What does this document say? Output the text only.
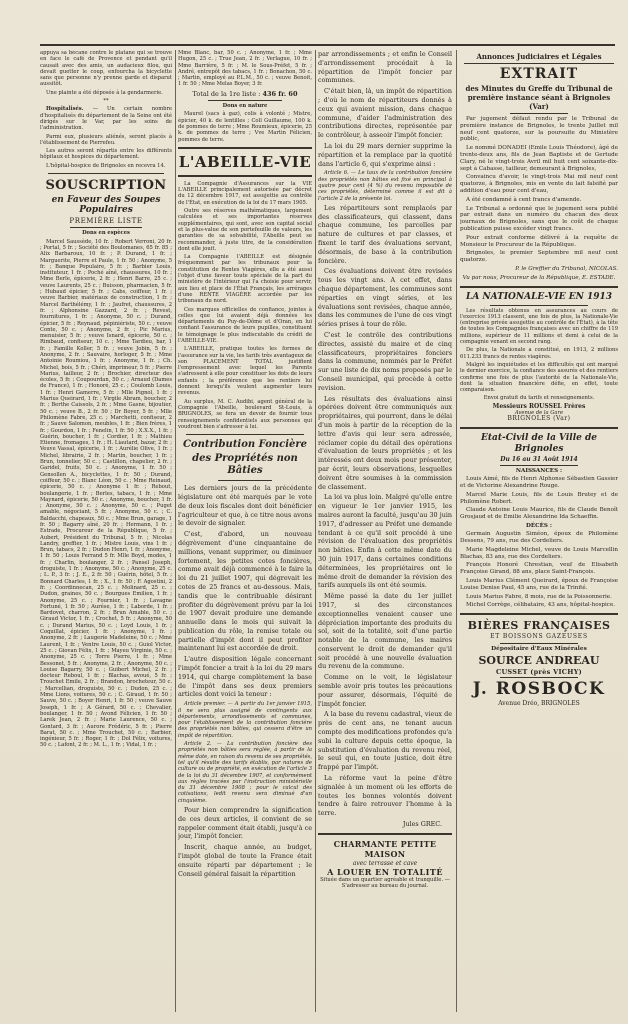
appuya sa bécane contre le platane qui se trouve en face le café de Provence et pendant qu'il causait avec des amis, un audacieux filou, qui devait guetter le coup, enfourcha la bicyclette sans que personne n'y prenne garde et disparut aussitôt.

Une plainte a été déposée à la gendarmerie.

**

Hospitalisés. — Un certain nombre d'hospitalisés du département de la Seine ont été dirigés sur le Var, par les soins de l'administration.

Parmi eux, plusieurs aliénés, seront placés à l'établissement de Pierrefeu.

Les autres seront répartis entre les différents hôpitaux et hospices du département.

L'hôpital-hospice de Brignoles en recevra 14.

SOUSCRIPTION
en Faveur des Soupes Populaires
PREMIÈRE LISTE
Dons en espèces

Marcel Saussède, 10 fr. ; Robert Verroni, 20 fr. ; Portal, 5 fr. ; Société des Boulomanes, 65 fr. 85 ; Alix Barbaroux, 10 fr. ; P. Durand, 1 fr. ; Marguerite, Pierre et Paule, 1 fr. 50 ; Anonyme, 5 fr. ; Banque Populaire, 5 fr. ; Barbier Louis, instituteur, 1 fr. ; Poché aîné, chaussures, 10 fr. ; Mme Berle, épicerie, 2 fr. ; Henri Barre, 25 c. ; veuve Laurents, 25 c. ; Buisson, pharmacien, 5 fr. ; Hubaud épicier, 5 fr. ; Cabs, coiffeur, 1 fr. ; veuve Barbier, matériaux de construction, 1 fr. ; Marcel Barthélémy, 1 fr. ; Jaufret, chaussures, 2 fr. ; Alphonsine Gazzard, 2 fr. ; Revest, fournitures, 1 fr. ; Anonyme, 50 c. ; Durand, épicier, 5 fr. ; Reynaud, pépiniériste, 50 c. ; veuve Conte, 50 c. ; Anonyme, 2 fr. ; Pic Marius, menuisier, 5 fr. ; veuve Isnard, épicerie, 50 c. ; Rimbaud, confiseur, 10 c. ; Mme Tardieu, bar, 1 fr. ; Famille Koller, 5 fr. ; veuve Jobin, 5 fr. ; Anonyme, 2 fr. ; Sauvaire, horloger, 5 fr. ; Mme Antoinie Roumiou, 1 fr. ; Anonyme, 1 fr. ; Ch. Michel, bois, 5 fr. ; Chéri, imprimeur, 5 fr. ; Pierre Marius, tailleur, 2 fr. ; Brochier, directeur des écoles, 5 fr. ; Coupourdan, 50 c. ; Arnaud (Dames de France), 1 fr. ; Honoré, 25 c. ; Coulomb Louis, 1 fr. ; Henri Gamerre, 5 fr. ; Mlle Pignol, 1 fr. ; Marius Queirard, 1 fr. ; Virgile Abram, boucher, 2 fr. ; Berthe Caissols, 2 fr. ; Mme Gasne, bijoutier, 50 c. ; veuve B., 2 fr. 50 ; Dr Boyer, 5 fr. ; Mlle Philomène Fabre, 25 c. ; Marchetti, confiseur, 2 fr. ; Sauve Salomon, meubles, 1 fr. ; Bien frères, 1 fr. ; Gourdon, 1 fr. ; Fenelin, 1 fr. 50 ; X.X.X., 1 fr. ; Guérin, boucher, 1 fr. ; Cordier, 1 fr. ; Mathieu Etienne, fromages, 1 fr. ; H. Liautard, bazar, 2 fr. ; Veuve Vassal, épicerie, 1 fr. ; Aurélie Olive, 1 fr. ; Michel, librairie, 2 fr. ; Martin, boucher, 1 fr. ; Brun, tonnelier, 50 c. ; Castillon, chapelier, 2 fr. ; Garidel, fruits, 50 c. ; Anonyme, 1 fr. 50 ; Gensollen A., bicyclettes, 1 fr. 50 ; Durand, coiffeur, 50 c. ; Blanc Léon, 50 c. ; Mme Reinaud, épicerie, 50 c. ; Anonyme 1 fr. ; Rebout, boulangerie, 1 fr. ; Berles, tabacs, 1 fr. ; Mme Maynard, épicerie, 50 c. ; Anonyme, boucher, 1 fr. ; Anonyme, 50 c. ; Anonyme, 50 c. ; Puget amable, négociant, 5 fr. ; Anonyme, 50 c. ; C. Baldacchi, chapeaux, 50 c. ; Mme Brun, garage, 1 fr. 50 ; Bagarry aîné, 20 fr. ; Hermann, 1 fr. ; Estrade, Procureur de la République, 5 fr. ; Aubert, Président du Tribunal, 5 fr. ; Nicolas Landry, greffier, 1 fr. ; Mistre Louis, vins 1 fr. ; Brun, tabacs, 2 fr. ; Dudon Henri, 1 fr. ; Anonyme, 1 fr. 50 ; Louis Ferrand 5 fr. Mlle Boyd, modes, 1 fr. ; Charlin, boulanger, 2 fr. ; Pansel Joseph, droguiste, 1 fr. ; Anonyme, 50 c. ; Anonyme, 25 c. ; L. P., 3 fr. ; J. E., 2 fr. 50 ; Guérin, hôtel, 5 fr. ; Bonnard Charles, 1 fr. ; X., 1 fr. 50 ; F. Agostini, 2 fr. ; Coordinnecan, 25 c. ; Molinard, 25 c. ; Dudon, graines, 50 c. ; Bourgues Emilien, 1 fr. ; Anonyme, 25 c. ; Fournier, 1 fr. ; Lavagne Fortuné, 1 fr. 50 ; Aurése, 1 fr. ; Laborde, 1 fr. ; Bardovet, charron, 2 fr. ; Brun Amable, 50 c. ; Giraud Victor, 1 fr. ; Crochet, 5 fr. ; Anonyme, 50 c. ; Durand Marius, 50 c. ; Loyd Louis, 1 fr. ; Coquillat, épicier, 1 fr. ; Anonyme, 1 fr. ; Anonyme, 2 fr. ; Laugerie Madeleine, 50 c. ; Mme Laurent, 1 fr. ; Ventre Louis, 50 c. ; Guiol Victor, 25 c. ; Giovan Félix, 1 fr. ; Mayeu Virginie, 50 c. ; Anonyme, 25 c. ; Torre Pierre, 1 fr. ; Mme Bessonet, 5 fr. ; Anonyme, 2 fr. ; Anonyme, 50 c. ; Louise Bagarry, 50 c. ; Guibert Michel, 2 fr. ; docteur Reboul, 1 fr. ; Blachas, avoué, 5 fr. ; Trouchet Emile, 2 fr. ; Brandon, brocheteur, 50 c. ; Marcellian, droguiste, 50 c. ; Dudon, 25 c. ; Mme Lions, voitures, 50 c. ; C. Giraud, 1 fr. 50 ; Sauve, 50 c. ; Boyer Henri, 1 fr. 50 ; veuve Sauve Joseph, 1 fr. ; A Gérard, 50 c. ; Chevalier, boulanger, 1 fr. 50 ; Avond Félicien, 1 fr. 50 ; Larek Jean, 2 fr. ; Marie Laurence, 50 c. ; Gontard, 3 fr. ; Aurore Frédéric, 5 fr. ; Pierre Barat, 50 c. ; Mme Trouchet, 50 c. ; Barbier, ingénieur, 5 fr. ; Roger, 1 fr. ; Dol Félix, voitures, 50 c. ; Lafont, 2 fr. ; M. L., 1 fr. ; Vidal, 1 fr. ;

Mme Blanc, bar, 50 c. ; Anonyme, 1 fr. ; Mme Hugon, 25 c. ; True Jean, 2 fr. ; Verlague, 10 fr. ; Mme Barrière, 5 fr. ; M. le Sous-Préfet, 5 fr. ; André, entrepôt des tabacs, 1 fr. ; Bonachon, 50 c. ; Martin, employé au P.L.M., 50 c. ; veuve Benoit, 1 fr. 50 ; Mme Melas Boyer, 3 fr.

Total de la 1re liste : 436 fr. 60

Dons en nature

Maurel (sacs à gaz), colis à volonté ; Mistre, épicier, 40 k. de lentilles ; Coll Guillaume, 100 k. de pommes de terre ; Mme Roumieux, épicerie, 25 k. de pommes de terre ; Vve Martin Félicien, pommes de terre.

L'ABEILLE-VIE

La Compagnie d'Assurances sur la VIE L'ABEILLE principalement autorisée par décret du 12 décembre 1917, est assujettie au contrôle de l'État, en exécution de la loi du 17 mars 1905.

Outre ses réserves mathématiques, largement calculées et ses importantes réserves supplémentaires, qui sont, avec son capital social et la plus-value de son portefeuille de valeurs, les garanties de sa solvabilité, l'Abeille peut se recommander, à juste titre, de la considération dont elle jouit.

La Compagnie l'ABEILLE est désignée fréquemment par les tribunaux pour la constitution de Rentes Viagères, elle a été aussi l'objet d'une faveur toute spéciale de la part du ministère de l'intérieur qui l'a choisie pour servir, aux lieu et place de l'État Français, les arrérages d'une RENTE VIAGÈRE accordée par les tribunaux du nord.

Ces marques officielles de confiance, jointes à celles que lui avaient déjà données les départements du Puy-de-Dôme et d'Oran, en lui confiant l'assurance de leurs pupilles, constituent le témoignage le plus indiscutable du crédit de l'ABEILLE-VIE.

L'ABEILLE, pratique toutes les formes de l'assurance sur la vie, les tarifs très avantageux de son PLACEMENT TOTAL justifient l'empressement avec lequel les Parents s'adressent à elle pour constituer les dots de leurs enfants ; la préférence que les rentiers lui donnent lorsqu'ils veulent augmenter leurs revenus.

Au surplus, M. C. Audibi, agent général de la Compagnie l'Abeille, boulevard St-Louis, à BRIGNOLES, se fera un devoir de fournir tous renseignements confidentiels aux personnes qui voudront bien s'adresser à lui.

Contribution Foncière
des Propriétés non Bâties

Les derniers jours de la précédente législature ont été marqués par le vote de deux lois fiscales dont doit bénéficier l'agriculteur et que, à ce titre nous avons le devoir de signaler.

C'est, d'abord, un nouveau dégrèvement d'une cinquantaine de millions, venant supprimer, ou diminuer fortement, les petites cotes foncières, comme avait déjà commencé à le faire la loi du 21 juillet 1907, qui dégrevait les cotes de 25 francs et au-dessous. Mais, tandis que le contribuable désirant profiter du dégrèvement prévu par la loi de 1907 devait produire une demande annuelle dans le mois qui suivait la publication du rôle, la remise totale ou partielle d'impôt dont il peut profiter maintenant lui est accordée de droit.

L'autre disposition légale concernant l'impôt foncier a trait à la loi du 29 mars 1914, qui charge complètement la base de l'impôt dans ses deux premiers articles dont voici la teneur :

Article premier. — A partir du 1er janvier 1915, il ne sera plus assigné de contingents aux départements, arrondissements et communes, pour l'établissement de la contribution foncière des propriétés non bâties, qui cessera d'être un impôt de répartition.

Article 2. — La contribution foncière des propriétés non bâties sera réglée, à partir de la même date, en raison du revenu de ses propriétés, tel qu'il résulte des tarifs établis, par natures de culture ou de propriété, en exécution de l'article 3 de la loi du 31 décembre 1907, et conformément aux règles tracées par l'instruction ministérielle du 31 décembre 1908 ; pour le calcul des cotisations, ledit revenu sera diminué d'un cinquième.

Pour bien comprendre la signification de ces deux articles, il convient de se rappeler comment était établi, jusqu'à ce jour, l'impôt foncier.

Inscrit, chaque année, au budget, l'impôt global de toute la France était ensuite réparti par département ; le Conseil général faisait la répartition

par arrondissements ; et enfin le Conseil d'arrondissement procédait à la répartition de l'impôt foncier par communes.

C'était bien, là, un impôt de répartition ; d'où le nom de répartiteurs donnés à ceux qui avaient mission, dans chaque commune, d'aider l'administration des contributions directes, représentée par le contrôleur, à asseoir l'impôt foncier.

La loi du 29 mars dernier supprime la répartition et la remplace par la quotité dans l'article 6, qui s'exprime ainsi :

Article 6. — Le taux de la contribution foncière des propriétés non bâties est fixé en principal à quatre pour cent (4 %) du revenu imposable de ces propriétés, déterminé comme il est dit à l'article 2 de la présente loi.

Les répartiteurs sont remplacés par des classificateurs, qui classent, dans chaque commune, les parcelles par nature de cultures et par classes, et fixent le tarif des évaluations servant, désormais, de base à la contribution foncière.

Ces évaluations doivent être revisées tous les vingt ans. A cet effet, dans chaque département, les communes sont réparties en vingt séries, et les évaluations sont revisées, chaque année, dans les communes de l'une de ces vingt séries prises à tour de rôle.

C'est le contrôle des contributions directes, assisté du maire et de cinq classificateurs, propriétaires fonciers dans la commune, nommés par le Préfet sur une liste de dix noms proposés par le Conseil municipal, qui procède à cette revision.

Les résultats des évaluations ainsi opérées doivent être communiqués aux propriétaires, qui pourront, dans le délai d'un mois à partir de la réception de la lettre d'avis qui leur sera adressée, réclamer copie du détail des opérations d'évaluation de leurs propriétés ; et les intéressés ont deux mois pour présenter, par écrit, leurs observations, lesquelles doivent être soumises à la commission de classement.

La loi va plus loin. Malgré qu'elle entre en vigueur le 1er janvier 1915, les maires auront la faculté, jusqu'au 30 juin 1917, d'adresser au Préfet une demande tendant à ce qu'il soit procédé à une révision de l'évaluation des propriétés non bâties. Enfin à cette même date du 30 juin 1917, dans certaines conditions déterminées, les propriétaires ont le même droit de demander la révision des tarifs auxquels ils ont été soumis.

Même passé la date du 1er juillet 1917, si des circonstances exceptionnelles venaient causer une dépréciation importante des produits du sol, soit de la totalité, soit d'une partie notable de la commune, les maires conservent le droit de demander qu'il soit procédé à une nouvelle évaluation du revenu de la commune.

Comme on le voit, le législateur semble avoir pris toutes les précautions pour assurer, désormais, l'équité de l'impôt foncier.

A la base du revenu cadastral, vieux de près de cent ans, ne tenant aucun compte des modifications profondes qu'a subi la culture depuis cette époque, la substitution d'évaluation du revenu réel, le seul qui, en toute justice, doit être frappé par l'impôt.

La réforme vaut la peine d'être signalée à un moment où les efforts de toutes les bonnes volontés doivent tendre à faire retrouver l'homme à la terre.

Jules GREC.

CHARMANTE PETITE MAISON
avec terrasse et cave
A LOUER EN TOTALITÉ

Située dans un quartier agréable et tranquille. — S'adresser au bureau du journal.

Annonces Judiciaires et Légales
EXTRAIT
des Minutes du Greffe du Tribunal de première instance séant à Brignoles (Var)

Par jugement défaut rendu par le Tribunal de première instance de Brignoles, le trente Juillet mil neuf cent quatorze, sur la poursuite du Ministère public,

Le nommé DONADEI (Emile Louis Théodore), âgé de trente-deux ans, fils de Jean Baptiste et de Gertude Clary, né le vingt-trois Avril mil huit cent soixante-dix-sept à Cabasse, tailleur, demeurant à Brignoles,

Convaincu d'avoir, le vingt-trois Mai mil neuf cent quatorze, à Brignoles, mis en vente du lait falsifié par addition d'eau pour cent d'eau,

A été condamné à cent francs d'amende.

Le Tribunal a ordonné que le jugement sera publié par extrait dans un numéro du chacun des deux journaux de Brignoles, sans que le coût de chaque publication puisse excéder vingt francs.

Pour extrait conforme délivré à la requête de Monsieur le Procureur de la République.

Brignoles, le premier Septembre mil neuf cent quatorze.

P. le Greffier du Tribunal, NICOLAS.

Vu par nous, Procureur de la République, E. ESTADE.

LA NATIONALE-VIE EN 1913

Les résultats obtenus en assurances au cours de l'exercice 1913 classent, une fois de plus, la Nationale-Vie (entreprise privée assujettie au contrôle de l'État), à la tête de toutes les Compagnies françaises avec un chiffre de 119 millions, supérieur de 11 millions et demi à celui de la compagnie venant en second rang.

De plus, la Nationale a constitué, en 1913, 2 millions 611.233 francs de rentes viagères.

Malgré les inquiétudes et les difficultés qui ont marqué le dernier exercice, la confiance des assurés et des rentiers confirme une fois de plus l'autorité de la Nationale-Vie, dont la situation financière défie, en effet, toute comparaison.

Envoi gratuit du tarifs et renseignements.

Messieurs ROUSSEL Frères
Avenue de la Gare
BRIGNOLES (Var)
Etat-Civil de la Ville de Brignoles
Du 16 au 31 Août 1914
NAISSANCES :

Louis Aimé, fils de Henri Alphonse Sébastien Gassier et de Victorine Alexandrine Rouge.

Marcel Marie Louis, fils de Louis Brutey et de Philomène Robert.

Claude Antoine Louis Maurice, fils de Claude Benoît Grosjaud et de Emilie Alexandrine Ida Schaeffin.

DÉCÈS :

Germain Augustin Siméon, époux de Philomène Dessens, 79 ans, rue des Cordeliers.

Marie Magdeleine Michel, veuve de Louis Marcellin Blachas, 83 ans, rue des Cordeliers.

François Honoré Chrestian, veuf de Elisabeth Françoise Girand, 88 ans, place Saint-François.

Louis Marius Clément Queirard, époux de Françoise Louise Denise Paul, 45 ans, rue de la Trinité.

Louis Marius Fabre, 8 mois, rue de la Poissonnerie.

Michel Corrège, célibataire, 43 ans, hôpital-hospice.

BIÈRES FRANÇAISES
ET BOISSONS GAZEUSES
Dépositaire d'Eaux Minérales
SOURCE ANDREAU
CUSSET (près VICHY)
J. ROSBOCK
Avenue Dréo, BRIGNOLES
